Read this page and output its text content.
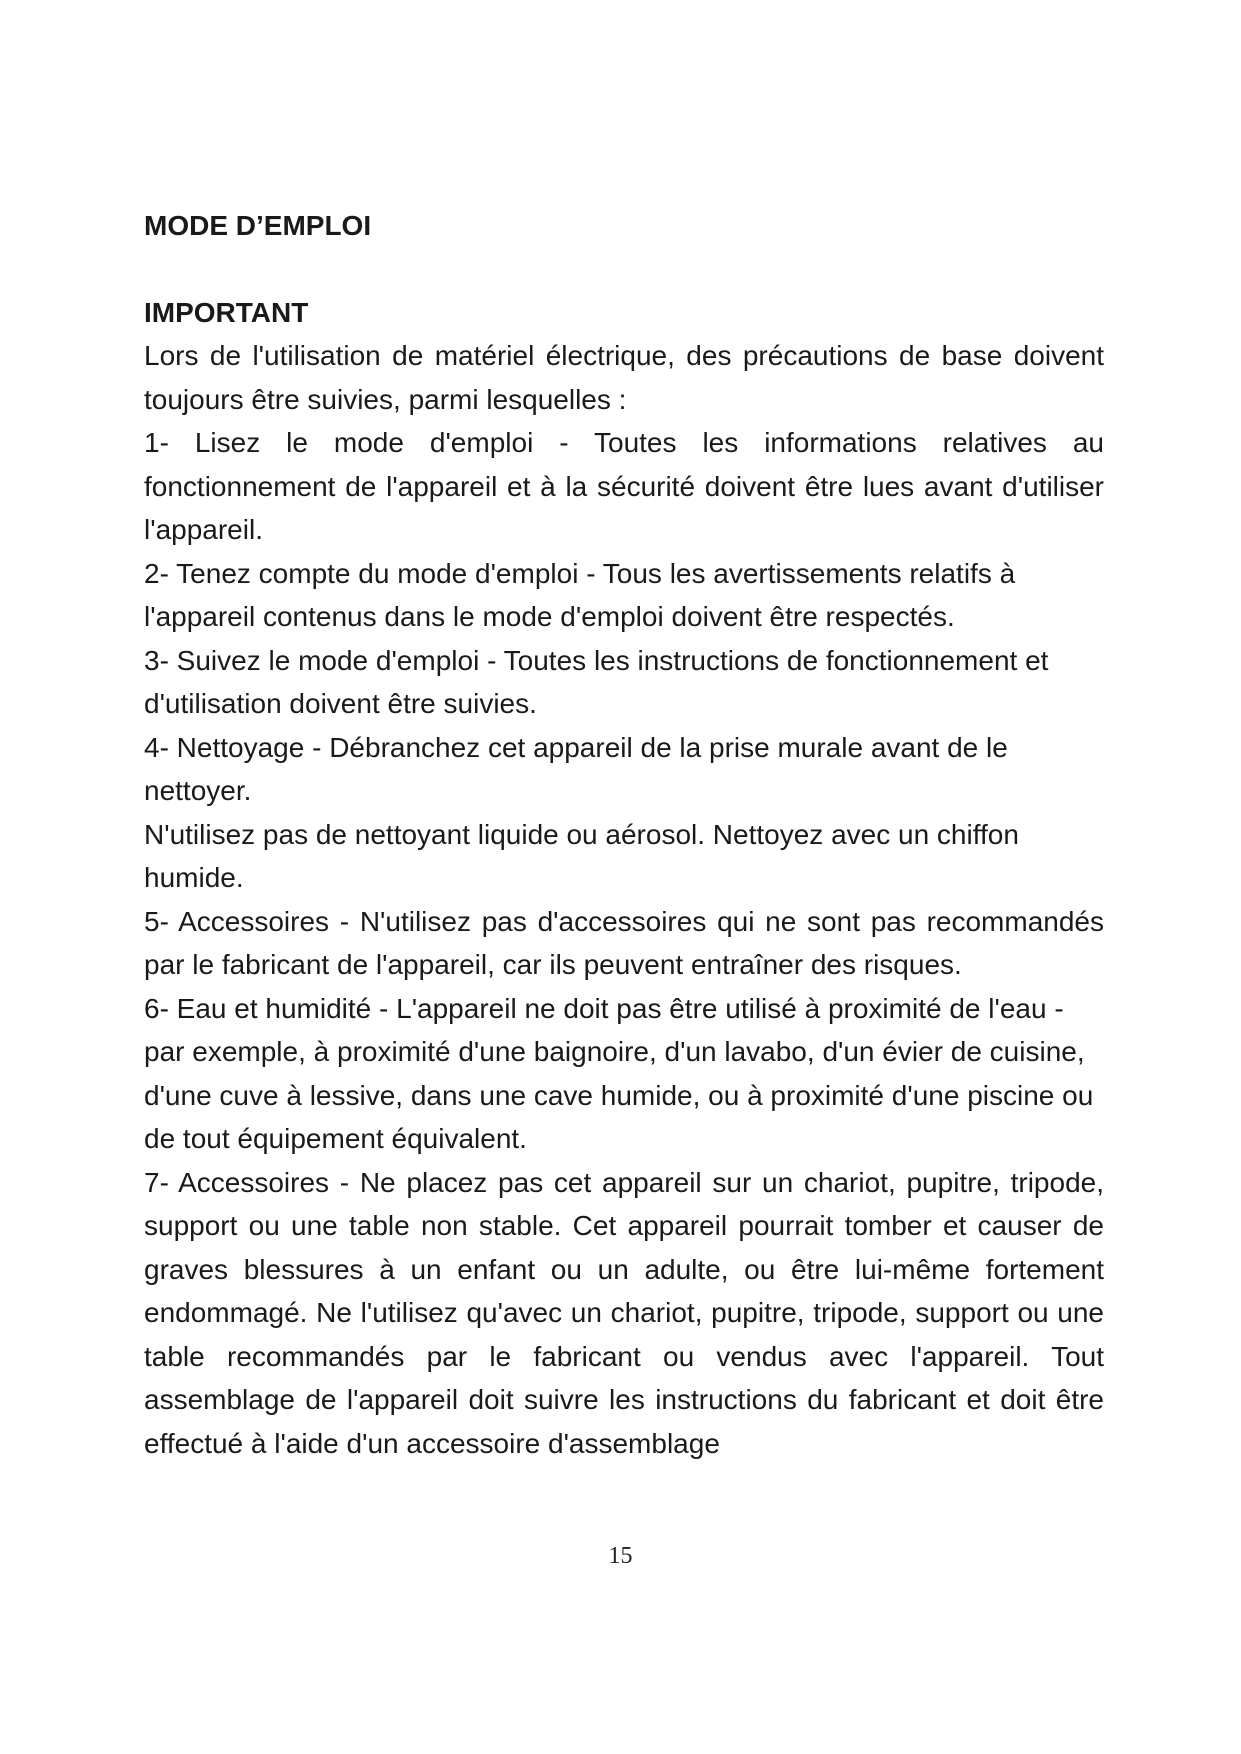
MODE D’EMPLOI
IMPORTANT

Lors de l'utilisation de matériel électrique, des précautions de base doivent toujours être suivies, parmi lesquelles :

1- Lisez le mode d'emploi - Toutes les informations relatives au fonctionnement de l'appareil et à la sécurité doivent être lues avant d'utiliser l'appareil.

2- Tenez compte du mode d'emploi - Tous les avertissements relatifs à l'appareil contenus dans le mode d'emploi doivent être respectés.

3- Suivez le mode d'emploi - Toutes les instructions de fonctionnement et d'utilisation doivent être suivies.

4- Nettoyage - Débranchez cet appareil de la prise murale avant de le nettoyer.

N'utilisez pas de nettoyant liquide ou aérosol. Nettoyez avec un chiffon humide.

5- Accessoires - N'utilisez pas d'accessoires qui ne sont pas recommandés par le fabricant de l'appareil, car ils peuvent entraîner des risques.

6- Eau et humidité - L'appareil ne doit pas être utilisé à proximité de l'eau - par exemple, à proximité d'une baignoire, d'un lavabo, d'un évier de cuisine, d'une cuve à lessive, dans une cave humide, ou à proximité d'une piscine ou de tout équipement équivalent.

7- Accessoires - Ne placez pas cet appareil sur un chariot, pupitre, tripode, support ou une table non stable. Cet appareil pourrait tomber et causer de graves blessures à un enfant ou un adulte, ou être lui-même fortement endommagé. Ne l'utilisez qu'avec un chariot, pupitre, tripode, support ou une table recommandés par le fabricant ou vendus avec l'appareil. Tout assemblage de l'appareil doit suivre les instructions du fabricant et doit être effectué à l'aide d'un accessoire d'assemblage

15
